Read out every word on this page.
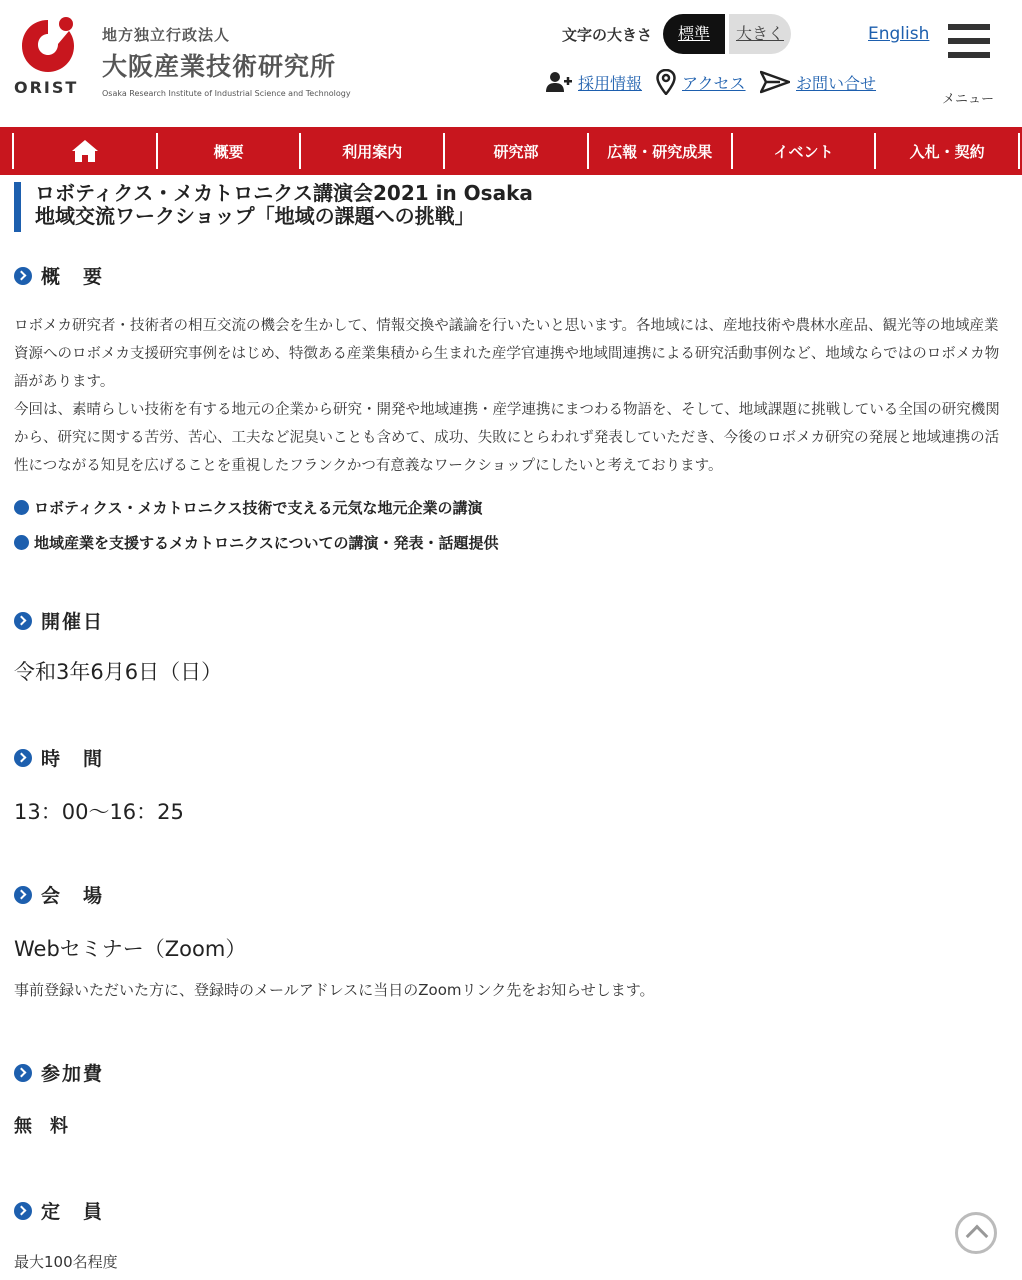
ORIST
地方独立行政法人
大阪産業技術研究所
Osaka Research Institute of Industrial Science and Technology
文字の大きさ	標準	大きく	English
メニュー
採用情報 アクセス	お問い合せ
概要	利用案内	研究部	広報・研究成果	イベント	入札・契約
ロボティクス・メカトロニクス講演会2021 in Osaka
地域交流ワークショップ「地域の課題への挑戦」
概　要
ロボメカ研究者・技術者の相互交流の機会を生かして、情報交換や議論を行いたいと思います。各地域には、産地技術や農林水産品、観光等の地域産業資源へのロボメカ支援研究事例をはじめ、特徴ある産業集積から生まれた産学官連携や地域間連携による研究活動事例など、地域ならではのロボメカ物語があります。
今回は、素晴らしい技術を有する地元の企業から研究・開発や地域連携・産学連携にまつわる物語を、そして、地域課題に挑戦している全国の研究機関から、研究に関する苦労、苦心、工夫など泥臭いことも含めて、成功、失敗にとらわれず発表していただき、今後のロボメカ研究の発展と地域連携の活性につながる知見を広げることを重視したフランクかつ有意義なワークショップにしたいと考えております。
ロボティクス・メカトロニクス技術で支える元気な地元企業の講演
地域産業を支援するメカトロニクスについての講演・発表・話題提供
開催日
令和3年6月6日（日）
時　間
13：00〜16：25
会　場
Webセミナー（Zoom）
事前登録いただいた方に、登録時のメールアドレスに当日のZoomリンク先をお知らせします。
参加費
無　料
定　員
最大100名程度
